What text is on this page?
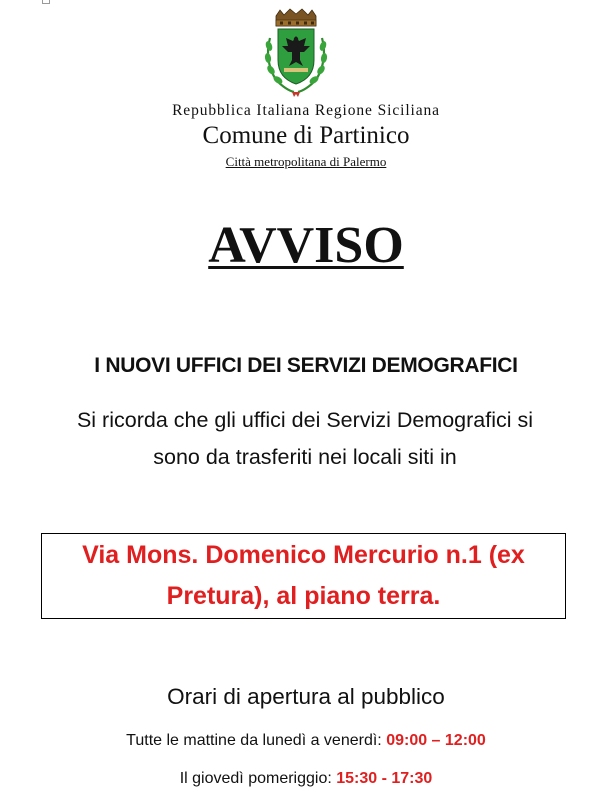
Repubblica Italiana Regione Siciliana
Comune di Partinico
Città metropolitana di Palermo
AVVISO
I NUOVI UFFICI DEI SERVIZI DEMOGRAFICI
Si ricorda che gli uffici dei Servizi Demografici si
sono da trasferiti nei locali siti in
Via Mons. Domenico Mercurio n.1 (ex
Pretura), al piano terra.
Orari di apertura al pubblico
Tutte le mattine da lunedì a venerdì: 09:00 – 12:00
Il giovedì pomeriggio: 15:30 - 17:30
